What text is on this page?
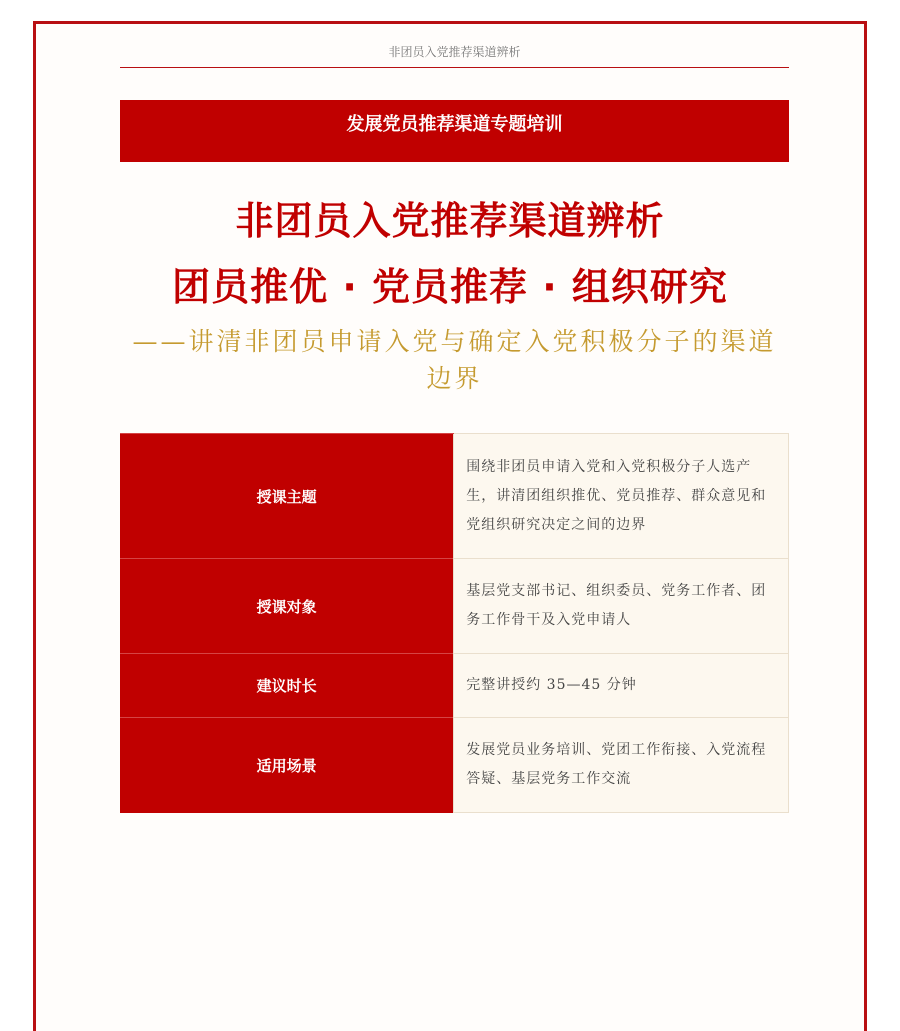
非团员入党推荐渠道辨析
发展党员推荐渠道专题培训
非团员入党推荐渠道辨析
团员推优 · 党员推荐 · 组织研究
——讲清非团员申请入党与确定入党积极分子的渠道边界
授课主题	围绕非团员申请入党和入党积极分子人选产生，讲清团组织推优、党员推荐、群众意见和党组织研究决定之间的边界
授课对象	基层党支部书记、组织委员、党务工作者、团务工作骨干及入党申请人
建议时长	完整讲授约 35—45 分钟
适用场景	发展党员业务培训、党团工作衔接、入党流程答疑、基层党务工作交流
